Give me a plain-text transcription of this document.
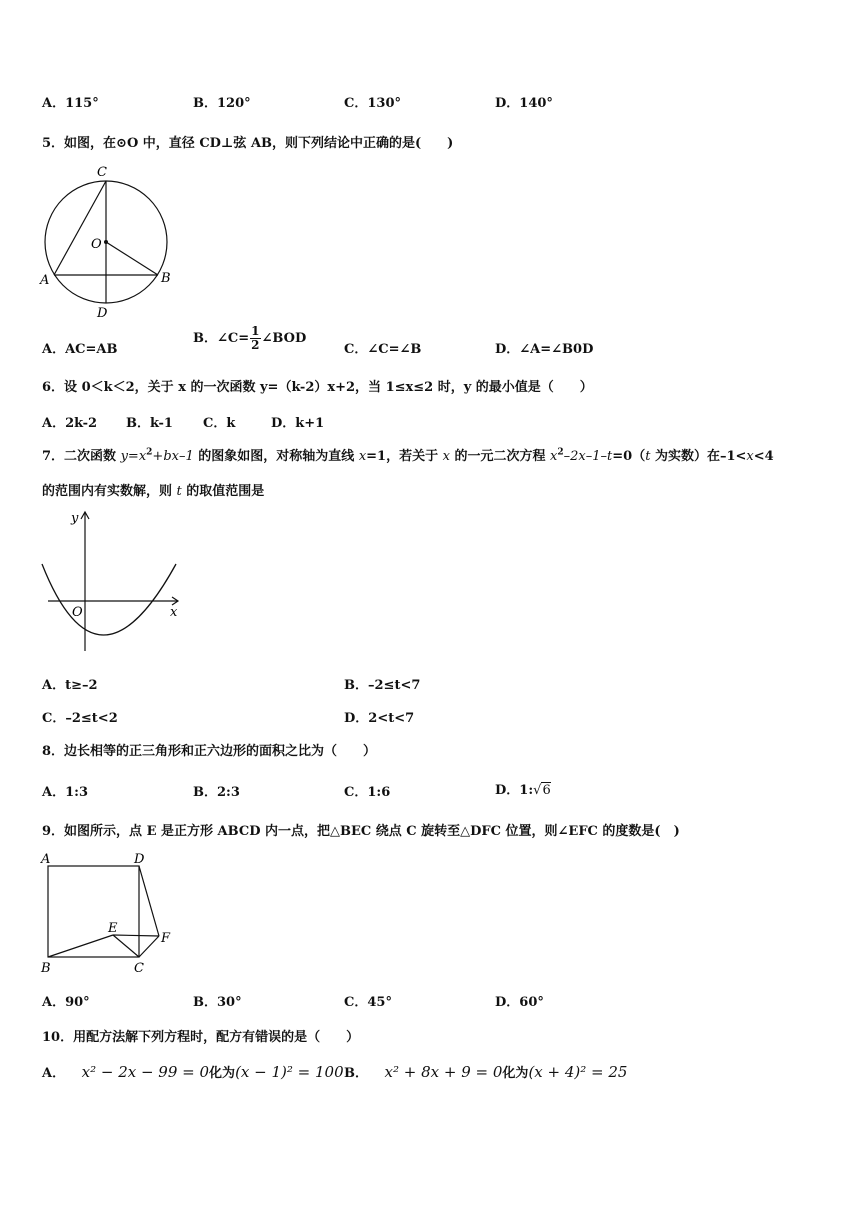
A．115°	B．120°	C．130°	D．140°
5．如图，在⊙O 中，直径 CD⊥弦 AB，则下列结论中正确的是(　　)
C
O
A	B
D
A．AC=AB
B．∠C= $\frac{1}{2}$ ∠BOD
C．∠C=∠B	D．∠A=∠B0D
6．设 0＜k＜2，关于 x 的一次函数 y=（k-2）x+2，当 1≤x≤2 时，y 的最小值是（　　）
A．2k-2 B．k-1 C．k	D．k+1
7．二次函数 $y=x^2+bx-1$ 的图象如图，对称轴为直线 x=1，若关于 x 的一元二次方程 $x^2-2x-1-t=0(t$ 为实数）在–1<x<4
的范围内有实数解，则 t 的取值范围是
y
O	x
A．t≥–2	B．–2≤t<7
C．–2≤t<2	D．2<t<7
8．边长相等的正三角形和正六边形的面积之比为（　　）
A．1:3	B．2:3	C．1:6	D．1:√6
9．如图所示，点 E 是正方形 ABCD 内一点，把△BEC 绕点 C 旋转至△DFC 位置，则∠EFC 的度数是(　)
A	D
E
F
B	C
A．90°	B．30°	C．45°	D．60°
10．用配方法解下列方程时，配方有错误的是（　　）
A． x² − 2x − 99 = 0化为(x − 1)² = 100 B． x² + 8x + 9 = 0化为(x + 4)² = 25
